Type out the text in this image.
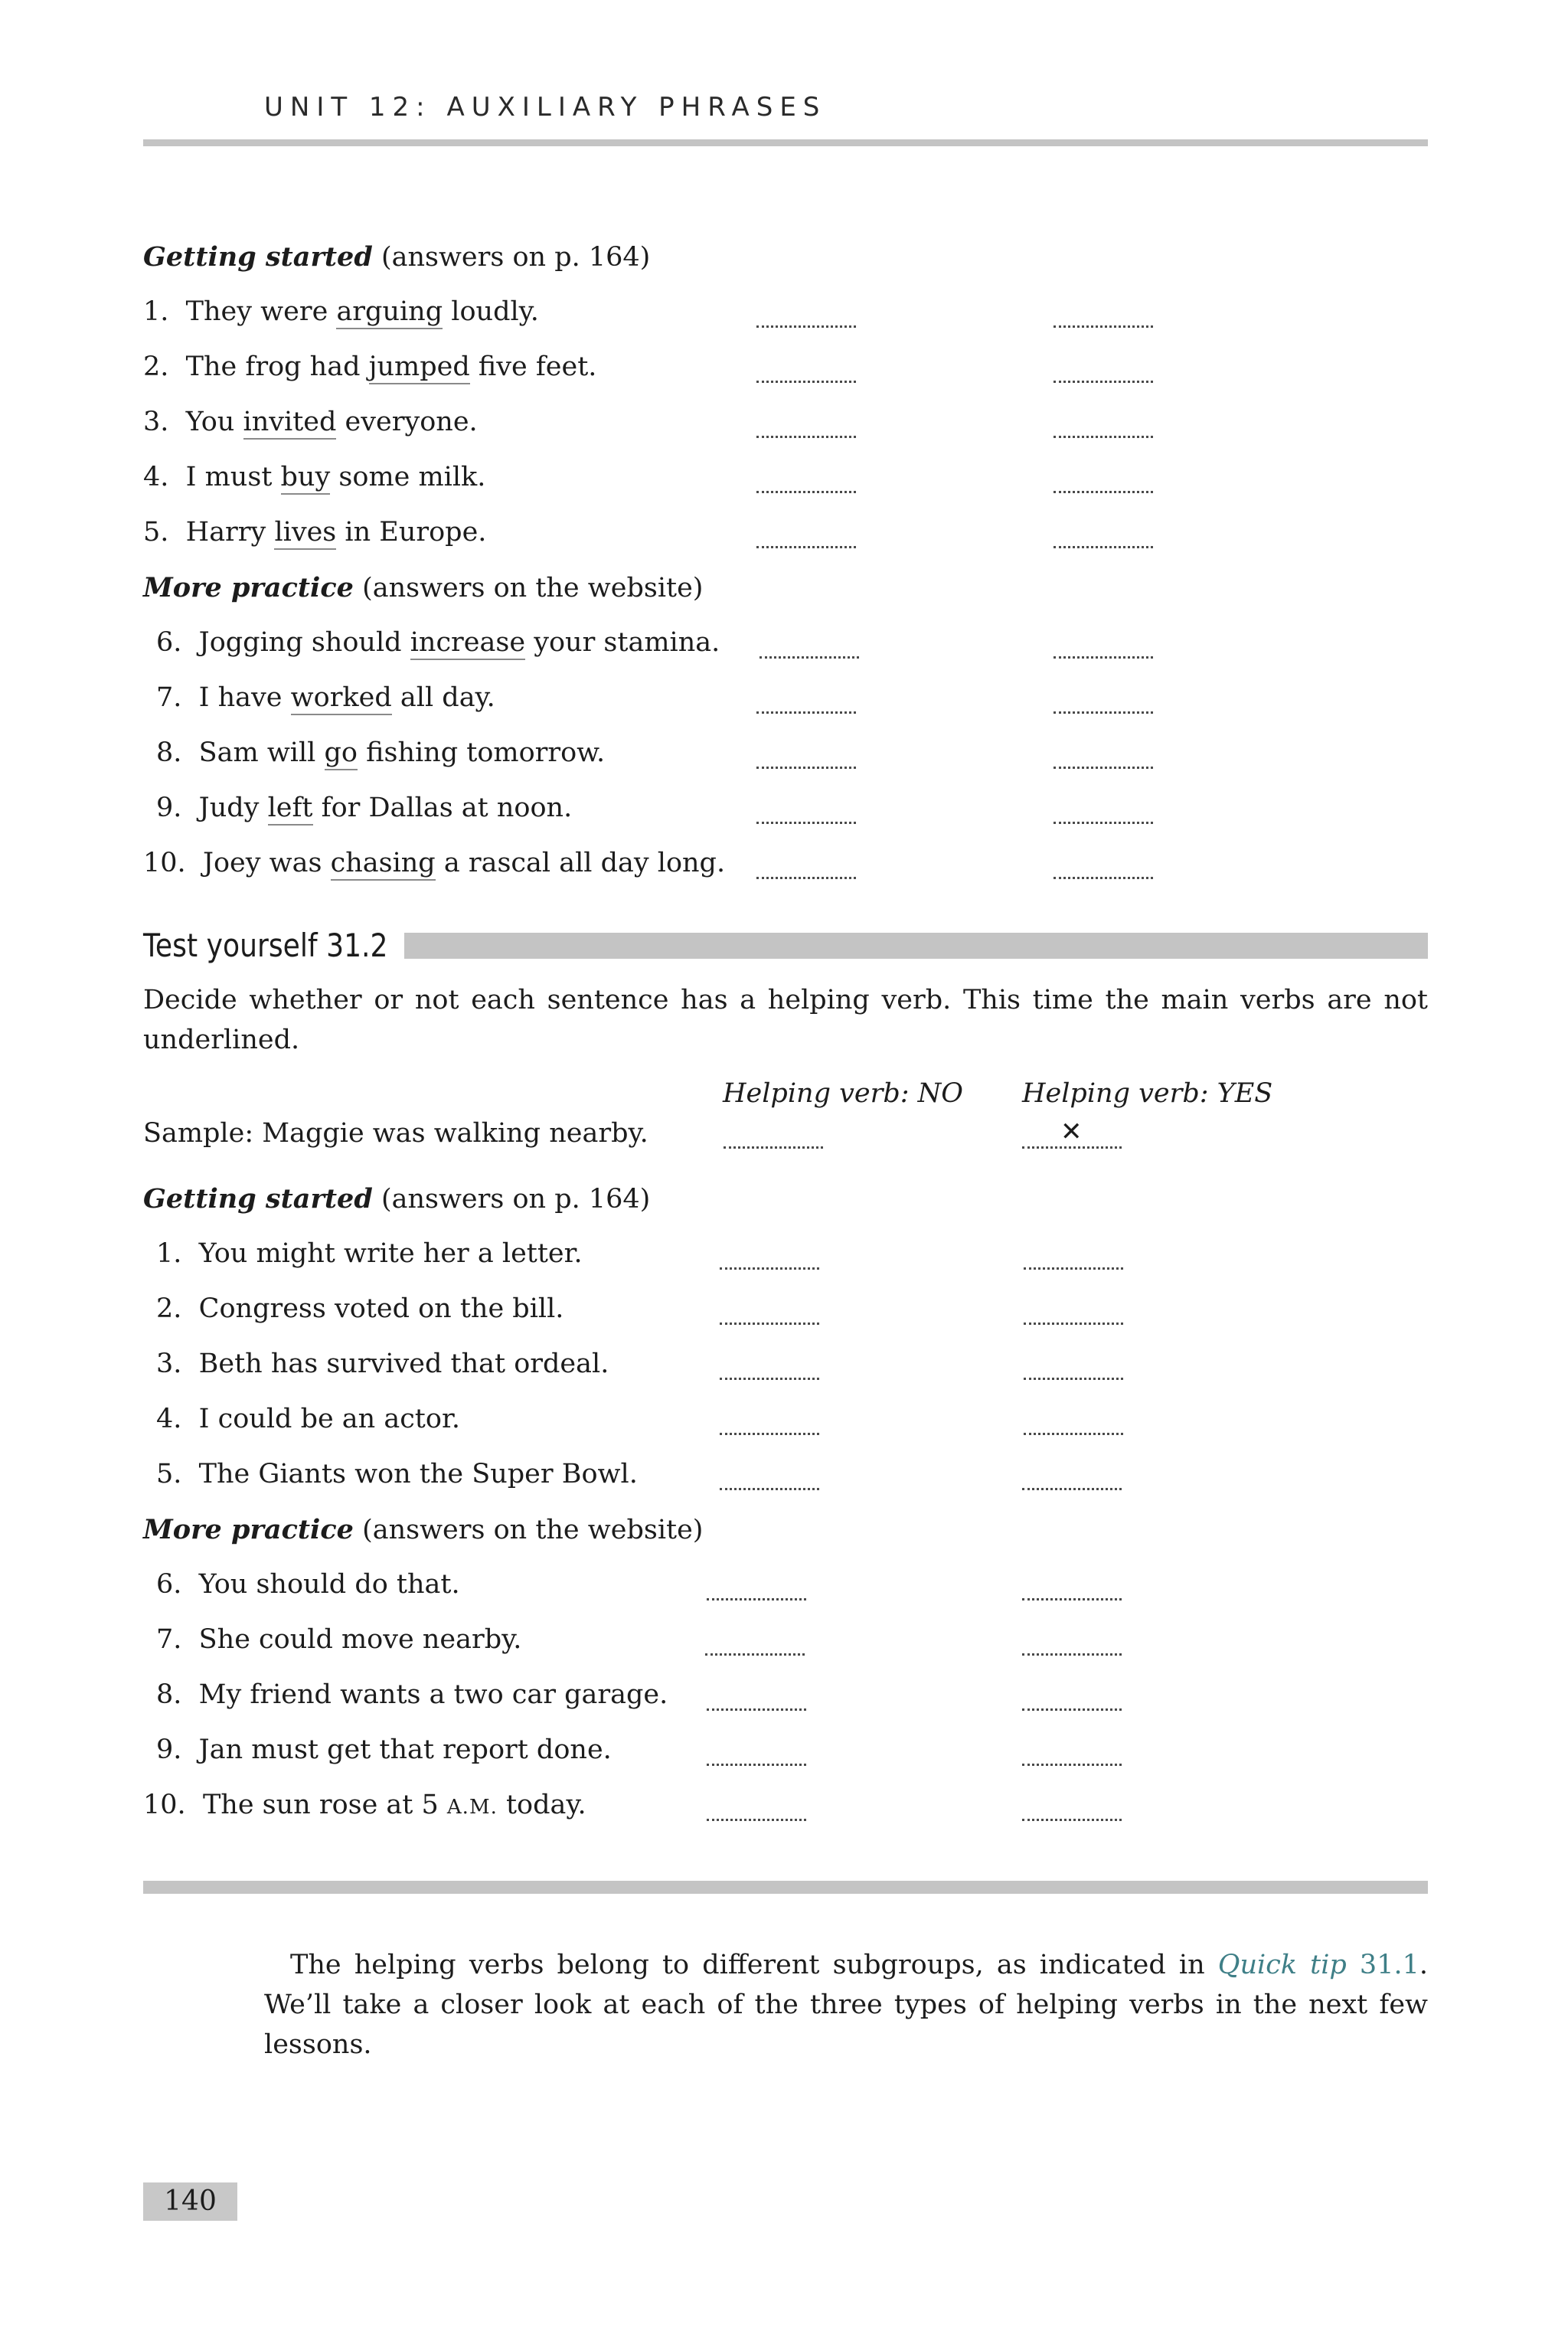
UNIT 12: AUXILIARY PHRASES
Getting started (answers on p. 164)
1. They were arguing loudly.
2. The frog had jumped five feet.
3. You invited everyone.
4. I must buy some milk.
5. Harry lives in Europe.
More practice (answers on the website)
6. Jogging should increase your stamina.
7. I have worked all day.
8. Sam will go fishing tomorrow.
9. Judy left for Dallas at noon.
10. Joey was chasing a rascal all day long.
Test yourself 31.2
Decide whether or not each sentence has a helping verb. This time the main verbs are not underlined.
Helping verb: NO Helping verb: YES
Sample: Maggie was walking nearby.	✕
Getting started (answers on p. 164)
1. You might write her a letter.
2. Congress voted on the bill.
3. Beth has survived that ordeal.
4. I could be an actor.
5. The Giants won the Super Bowl.
More practice (answers on the website)
6. You should do that.
7. She could move nearby.
8. My friend wants a two car garage.
9. Jan must get that report done.
10. The sun rose at 5 A.M. today.
The helping verbs belong to different subgroups, as indicated in Quick tip 31.1. We’ll take a closer look at each of the three types of helping verbs in the next few lessons.
140
